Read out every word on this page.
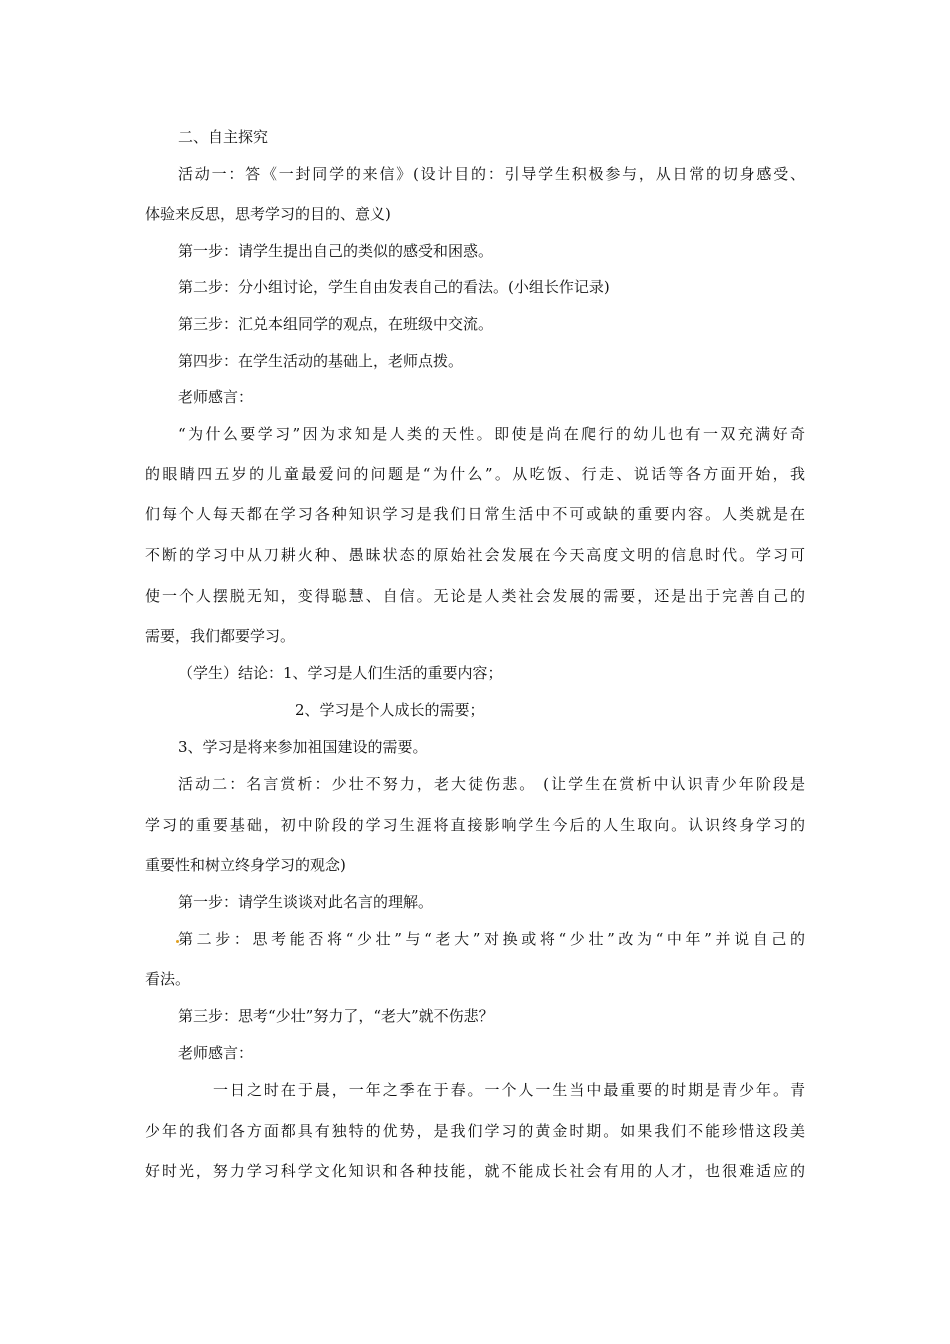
二、自主探究
活动一：答《一封同学的来信》(设计目的：引导学生积极参与，从日常的切身感受、
体验来反思，思考学习的目的、意义)
第一步：请学生提出自己的类似的感受和困惑。
第二步：分小组讨论，学生自由发表自己的看法。(小组长作记录)
第三步：汇兑本组同学的观点，在班级中交流。
第四步：在学生活动的基础上，老师点拨。
老师感言：
“为什么要学习”因为求知是人类的天性。即使是尚在爬行的幼儿也有一双充满好奇
的眼睛四五岁的儿童最爱问的问题是“为什么”。从吃饭、行走、说话等各方面开始，我
们每个人每天都在学习各种知识学习是我们日常生活中不可或缺的重要内容。人类就是在
不断的学习中从刀耕火种、愚昧状态的原始社会发展在今天高度文明的信息时代。学习可
使一个人摆脱无知，变得聪慧、自信。无论是人类社会发展的需要，还是出于完善自己的
需要，我们都要学习。
（学生）结论：1、学习是人们生活的重要内容；
2、学习是个人成长的需要；
3、学习是将来参加祖国建设的需要。
活动二：名言赏析：少壮不努力，老大徒伤悲。 (让学生在赏析中认识青少年阶段是
学习的重要基础，初中阶段的学习生涯将直接影响学生今后的人生取向。认识终身学习的
重要性和树立终身学习的观念)
第一步：请学生谈谈对此名言的理解。
第二步：思考能否将“少壮”与“老大”对换或将“少壮”改为“中年”并说自己的
看法。
第三步：思考“少壮”努力了，“老大”就不伤悲？
老师感言：
一日之时在于晨，一年之季在于春。一个人一生当中最重要的时期是青少年。青
少年的我们各方面都具有独特的优势，是我们学习的黄金时期。如果我们不能珍惜这段美
好时光，努力学习科学文化知识和各种技能，就不能成长社会有用的人才，也很难适应的
